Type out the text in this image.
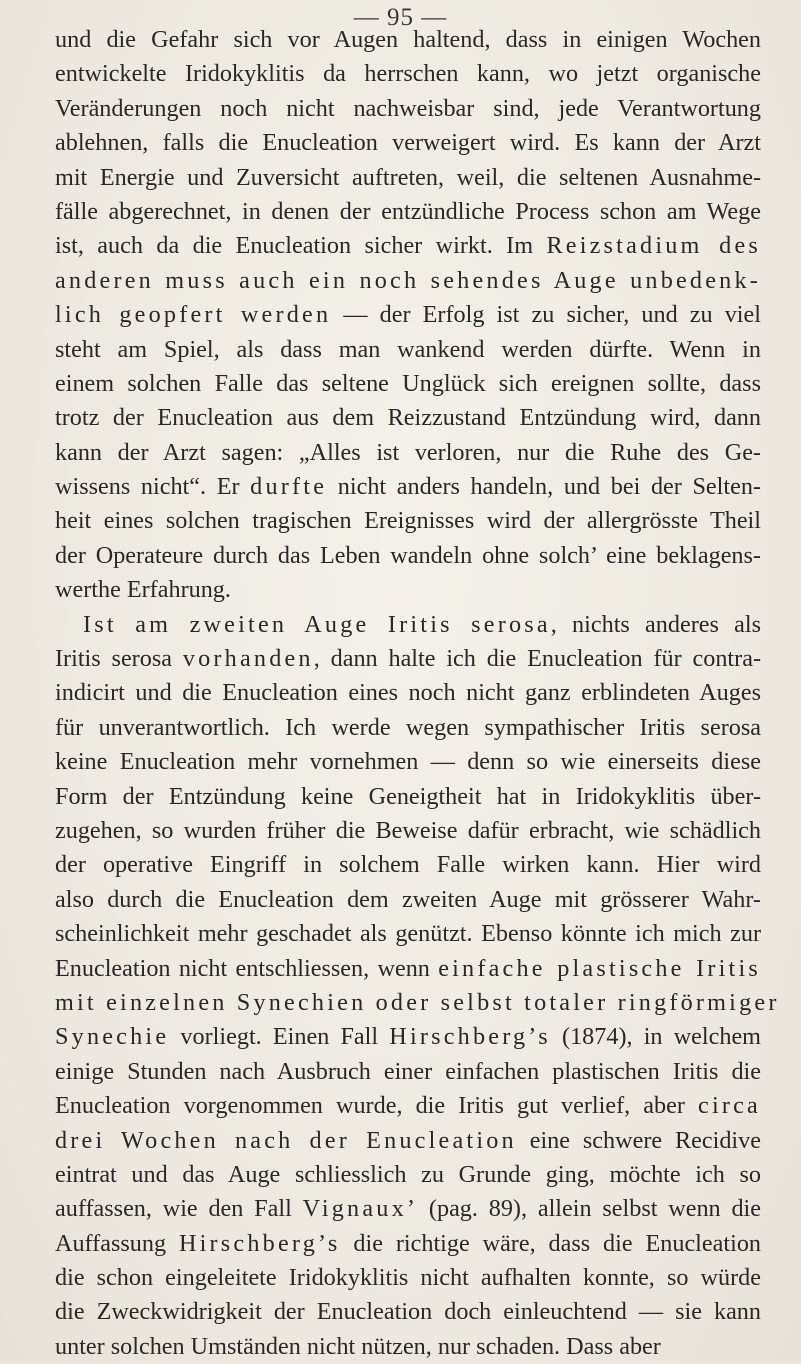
— 95 —
und die Gefahr sich vor Augen haltend, dass in einigen Wochen
entwickelte Iridokyklitis da herrschen kann, wo jetzt organische
Veränderungen noch nicht nachweisbar sind, jede Verantwortung
ablehnen, falls die Enucleation verweigert wird. Es kann der Arzt
mit Energie und Zuversicht auftreten, weil, die seltenen Ausnahme-
fälle abgerechnet, in denen der entzündliche Process schon am Wege
ist, auch da die Enucleation sicher wirkt. Im Reizstadium des
anderen muss auch ein noch sehendes Auge unbedenk-
lich geopfert werden — der Erfolg ist zu sicher, und zu viel
steht am Spiel, als dass man wankend werden dürfte. Wenn in
einem solchen Falle das seltene Unglück sich ereignen sollte, dass
trotz der Enucleation aus dem Reizzustand Entzündung wird, dann
kann der Arzt sagen: „Alles ist verloren, nur die Ruhe des Ge-
wissens nicht“. Er durfte nicht anders handeln, und bei der Selten-
heit eines solchen tragischen Ereignisses wird der allergrösste Theil
der Operateure durch das Leben wandeln ohne solch’ eine beklagens-
werthe Erfahrung.
Ist am zweiten Auge Iritis serosa, nichts anderes als
Iritis serosa vorhanden, dann halte ich die Enucleation für contra-
indicirt und die Enucleation eines noch nicht ganz erblindeten Auges
für unverantwortlich. Ich werde wegen sympathischer Iritis serosa
keine Enucleation mehr vornehmen — denn so wie einerseits diese
Form der Entzündung keine Geneigtheit hat in Iridokyklitis über-
zugehen, so wurden früher die Beweise dafür erbracht, wie schädlich
der operative Eingriff in solchem Falle wirken kann. Hier wird
also durch die Enucleation dem zweiten Auge mit grösserer Wahr-
scheinlichkeit mehr geschadet als genützt. Ebenso könnte ich mich zur
Enucleation nicht entschliessen, wenn einfache plastische Iritis
mit einzelnen Synechien oder selbst totaler ringförmiger
Synechie vorliegt. Einen Fall Hirschberg’s (1874), in welchem
einige Stunden nach Ausbruch einer einfachen plastischen Iritis die
Enucleation vorgenommen wurde, die Iritis gut verlief, aber circa
drei Wochen nach der Enucleation eine schwere Recidive
eintrat und das Auge schliesslich zu Grunde ging, möchte ich so
auffassen, wie den Fall Vignaux’ (pag. 89), allein selbst wenn die
Auffassung Hirschberg’s die richtige wäre, dass die Enucleation
die schon eingeleitete Iridokyklitis nicht aufhalten konnte, so würde
die Zweckwidrigkeit der Enucleation doch einleuchtend — sie kann
unter solchen Umständen nicht nützen, nur schaden. Dass aber
